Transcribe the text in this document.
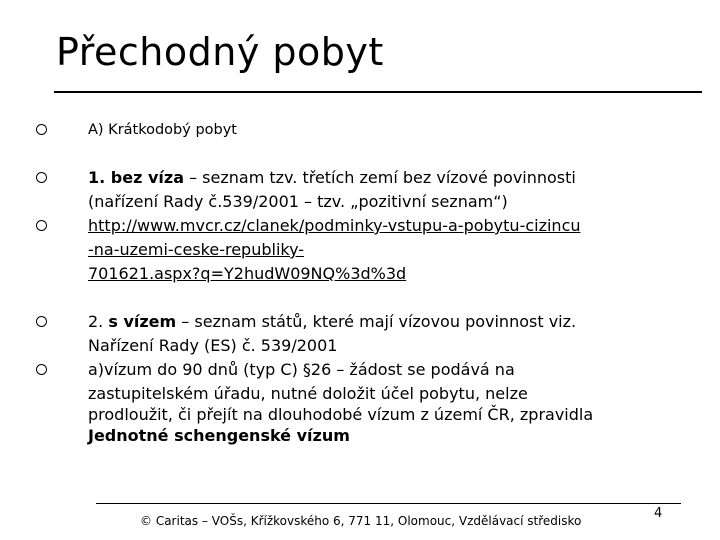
Přechodný pobyt
A) Krátkodobý pobyt
1. bez víza – seznam tzv. třetích zemí bez vízové povinnosti
(nařízení Rady č.539/2001 – tzv. „pozitivní seznam“)
http://www.mvcr.cz/clanek/podminky-vstupu-a-pobytu-cizincu
-na-uzemi-ceske-republiky-
701621.aspx?q=Y2hudW09NQ%3d%3d
2. s vízem – seznam států, které mají vízovou povinnost viz.
Nařízení Rady (ES) č. 539/2001
a)vízum do 90 dnů (typ C) §26 – žádost se podává na
zastupitelském úřadu, nutné doložit účel pobytu, nelze
prodloužit, či přejít na dlouhodobé vízum z území ČR, zpravidla
Jednotné schengenské vízum
© Caritas – VOŠs, Křížkovského 6, 771 11, Olomouc, Vzdělávací středisko	4
